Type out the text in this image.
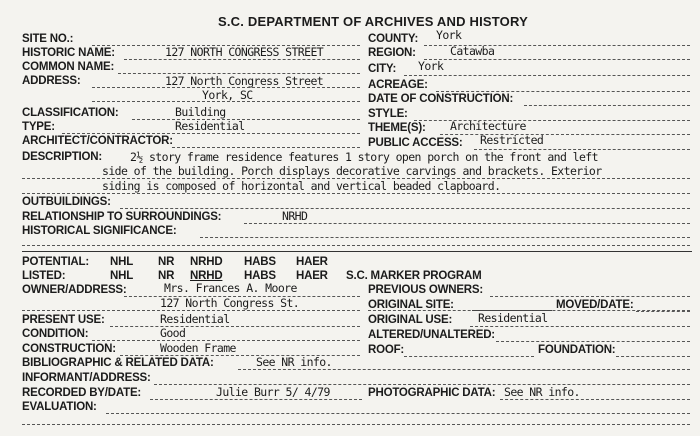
S.C. DEPARTMENT OF ARCHIVES AND HISTORY
SITE NO.:
HISTORIC NAME:	127 NORTH CONGRESS STREET
COMMON NAME:
ADDRESS:	127 North Congress Street
York, SC
CLASSIFICATION:	Building
TYPE:	Residential
ARCHITECT/CONTRACTOR:
COUNTY: York
REGION:	Catawba
CITY: York
ACREAGE:
DATE OF CONSTRUCTION:
STYLE:
THEME(S): Architecture
PUBLIC ACCESS: Restricted
DESCRIPTION: 2½ story frame residence features 1 story open porch on the front and left
side of the building. Porch displays decorative carvings and brackets. Exterior
siding is composed of horizontal and vertical beaded clapboard.
OUTBUILDINGS:
RELATIONSHIP TO SURROUNDINGS:	NRHD
HISTORICAL SIGNIFICANCE:
POTENTIAL: NHL NR NRHD HABS HAER
LISTED:	NHL NR NRHD HABS HAER
OWNER/ADDRESS:	Mrs. Frances A. Moore
127 North Congress St.
PRESENT USE:	Residential
CONDITION:	Good
CONSTRUCTION:	Wooden Frame
BIBLIOGRAPHIC & RELATED DATA:	See NR info.
INFORMANT/ADDRESS:
RECORDED BY/DATE:	Julie Burr 5/ 4/79
EVALUATION:
S.C. MARKER PROGRAM
PREVIOUS OWNERS:
ORIGINAL SITE:	MOVED/DATE:
ORIGINAL USE: Residential
ALTERED/UNALTERED:
ROOF:	FOUNDATION:
PHOTOGRAPHIC DATA: See NR info.
